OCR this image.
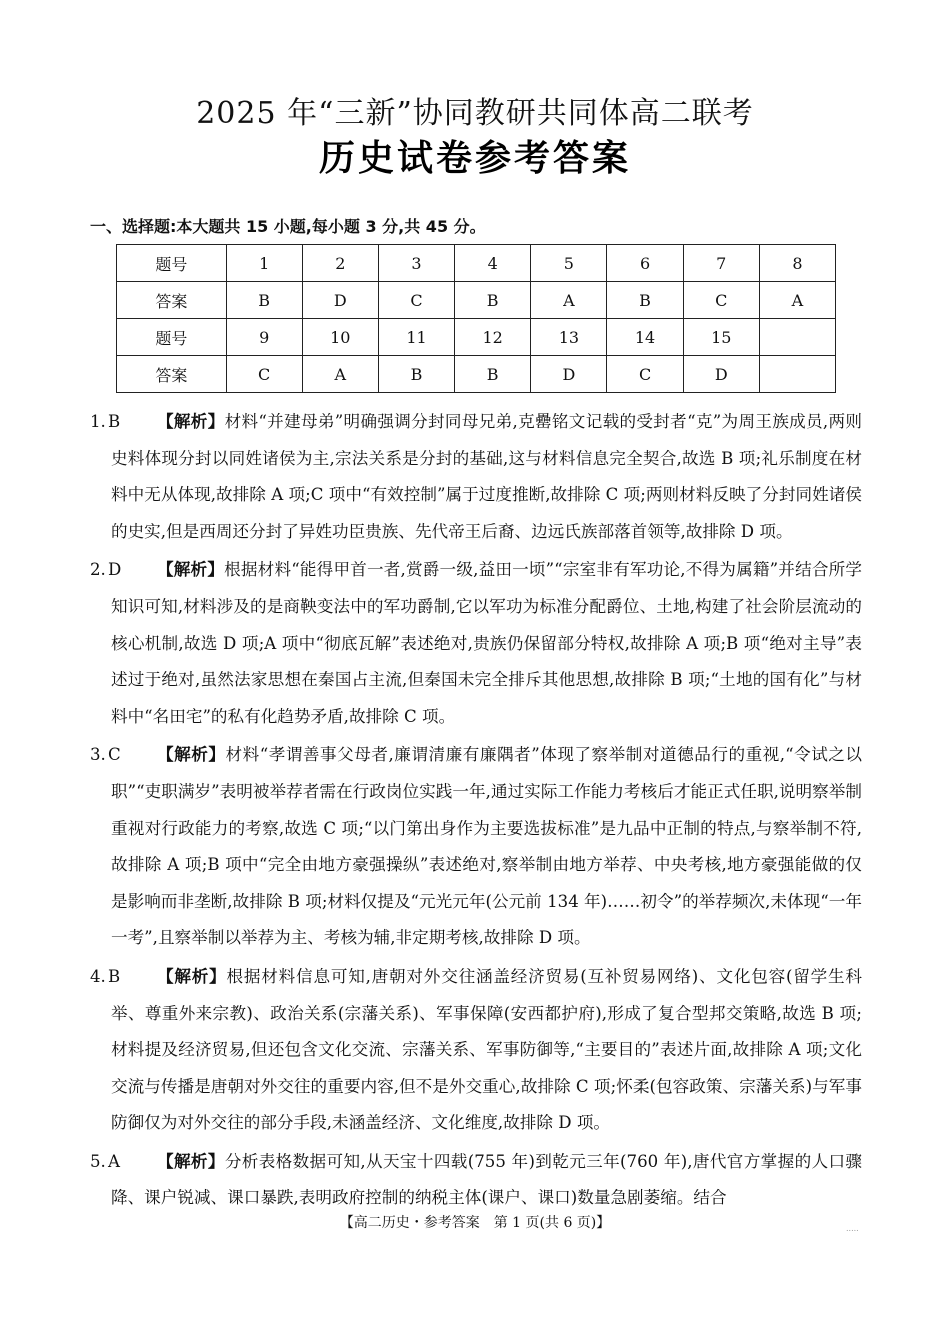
2025 年“三新”协同教研共同体高二联考
历史试卷参考答案
一、选择题:本大题共 15 小题,每小题 3 分,共 45 分。
题号	1	2	3	4	5	6	7	8
答案	B	D	C	B	A	B	C	A
题号	9	10	11	12	13	14	15	
答案	C	A	B	B	D	C	D	
1. B	【解析】材料“并建母弟”明确强调分封同母兄弟,克罍铭文记载的受封者“克”为周王族成员,两则史料体现分封以同姓诸侯为主,宗法关系是分封的基础,这与材料信息完全契合,故选 B 项;礼乐制度在材料中无从体现,故排除 A 项;C 项中“有效控制”属于过度推断,故排除 C 项;两则材料反映了分封同姓诸侯的史实,但是西周还分封了异姓功臣贵族、先代帝王后裔、边远氏族部落首领等,故排除 D 项。
2. D	【解析】根据材料“能得甲首一者,赏爵一级,益田一顷”“宗室非有军功论,不得为属籍”并结合所学知识可知,材料涉及的是商鞅变法中的军功爵制,它以军功为标准分配爵位、土地,构建了社会阶层流动的核心机制,故选 D 项;A 项中“彻底瓦解”表述绝对,贵族仍保留部分特权,故排除 A 项;B 项“绝对主导”表述过于绝对,虽然法家思想在秦国占主流,但秦国未完全排斥其他思想,故排除 B 项;“土地的国有化”与材料中“名田宅”的私有化趋势矛盾,故排除 C 项。
3. C	【解析】材料“孝谓善事父母者,廉谓清廉有廉隅者”体现了察举制对道德品行的重视,“令试之以职”“吏职满岁”表明被举荐者需在行政岗位实践一年,通过实际工作能力考核后才能正式任职,说明察举制重视对行政能力的考察,故选 C 项;“以门第出身作为主要选拔标准”是九品中正制的特点,与察举制不符,故排除 A 项;B 项中“完全由地方豪强操纵”表述绝对,察举制由地方举荐、中央考核,地方豪强能做的仅是影响而非垄断,故排除 B 项;材料仅提及“元光元年(公元前 134 年)……初令”的举荐频次,未体现“一年一考”,且察举制以举荐为主、考核为辅,非定期考核,故排除 D 项。
4. B	【解析】根据材料信息可知,唐朝对外交往涵盖经济贸易(互补贸易网络)、文化包容(留学生科举、尊重外来宗教)、政治关系(宗藩关系)、军事保障(安西都护府),形成了复合型邦交策略,故选 B 项;材料提及经济贸易,但还包含文化交流、宗藩关系、军事防御等,“主要目的”表述片面,故排除 A 项;文化交流与传播是唐朝对外交往的重要内容,但不是外交重心,故排除 C 项;怀柔(包容政策、宗藩关系)与军事防御仅为对外交往的部分手段,未涵盖经济、文化维度,故排除 D 项。
5. A	【解析】分析表格数据可知,从天宝十四载(755 年)到乾元三年(760 年),唐代官方掌握的人口骤降、课户锐减、课口暴跌,表明政府控制的纳税主体(课户、课口)数量急剧萎缩。结合
【高二历史・参考答案　第 1 页(共 6 页)】	.....
